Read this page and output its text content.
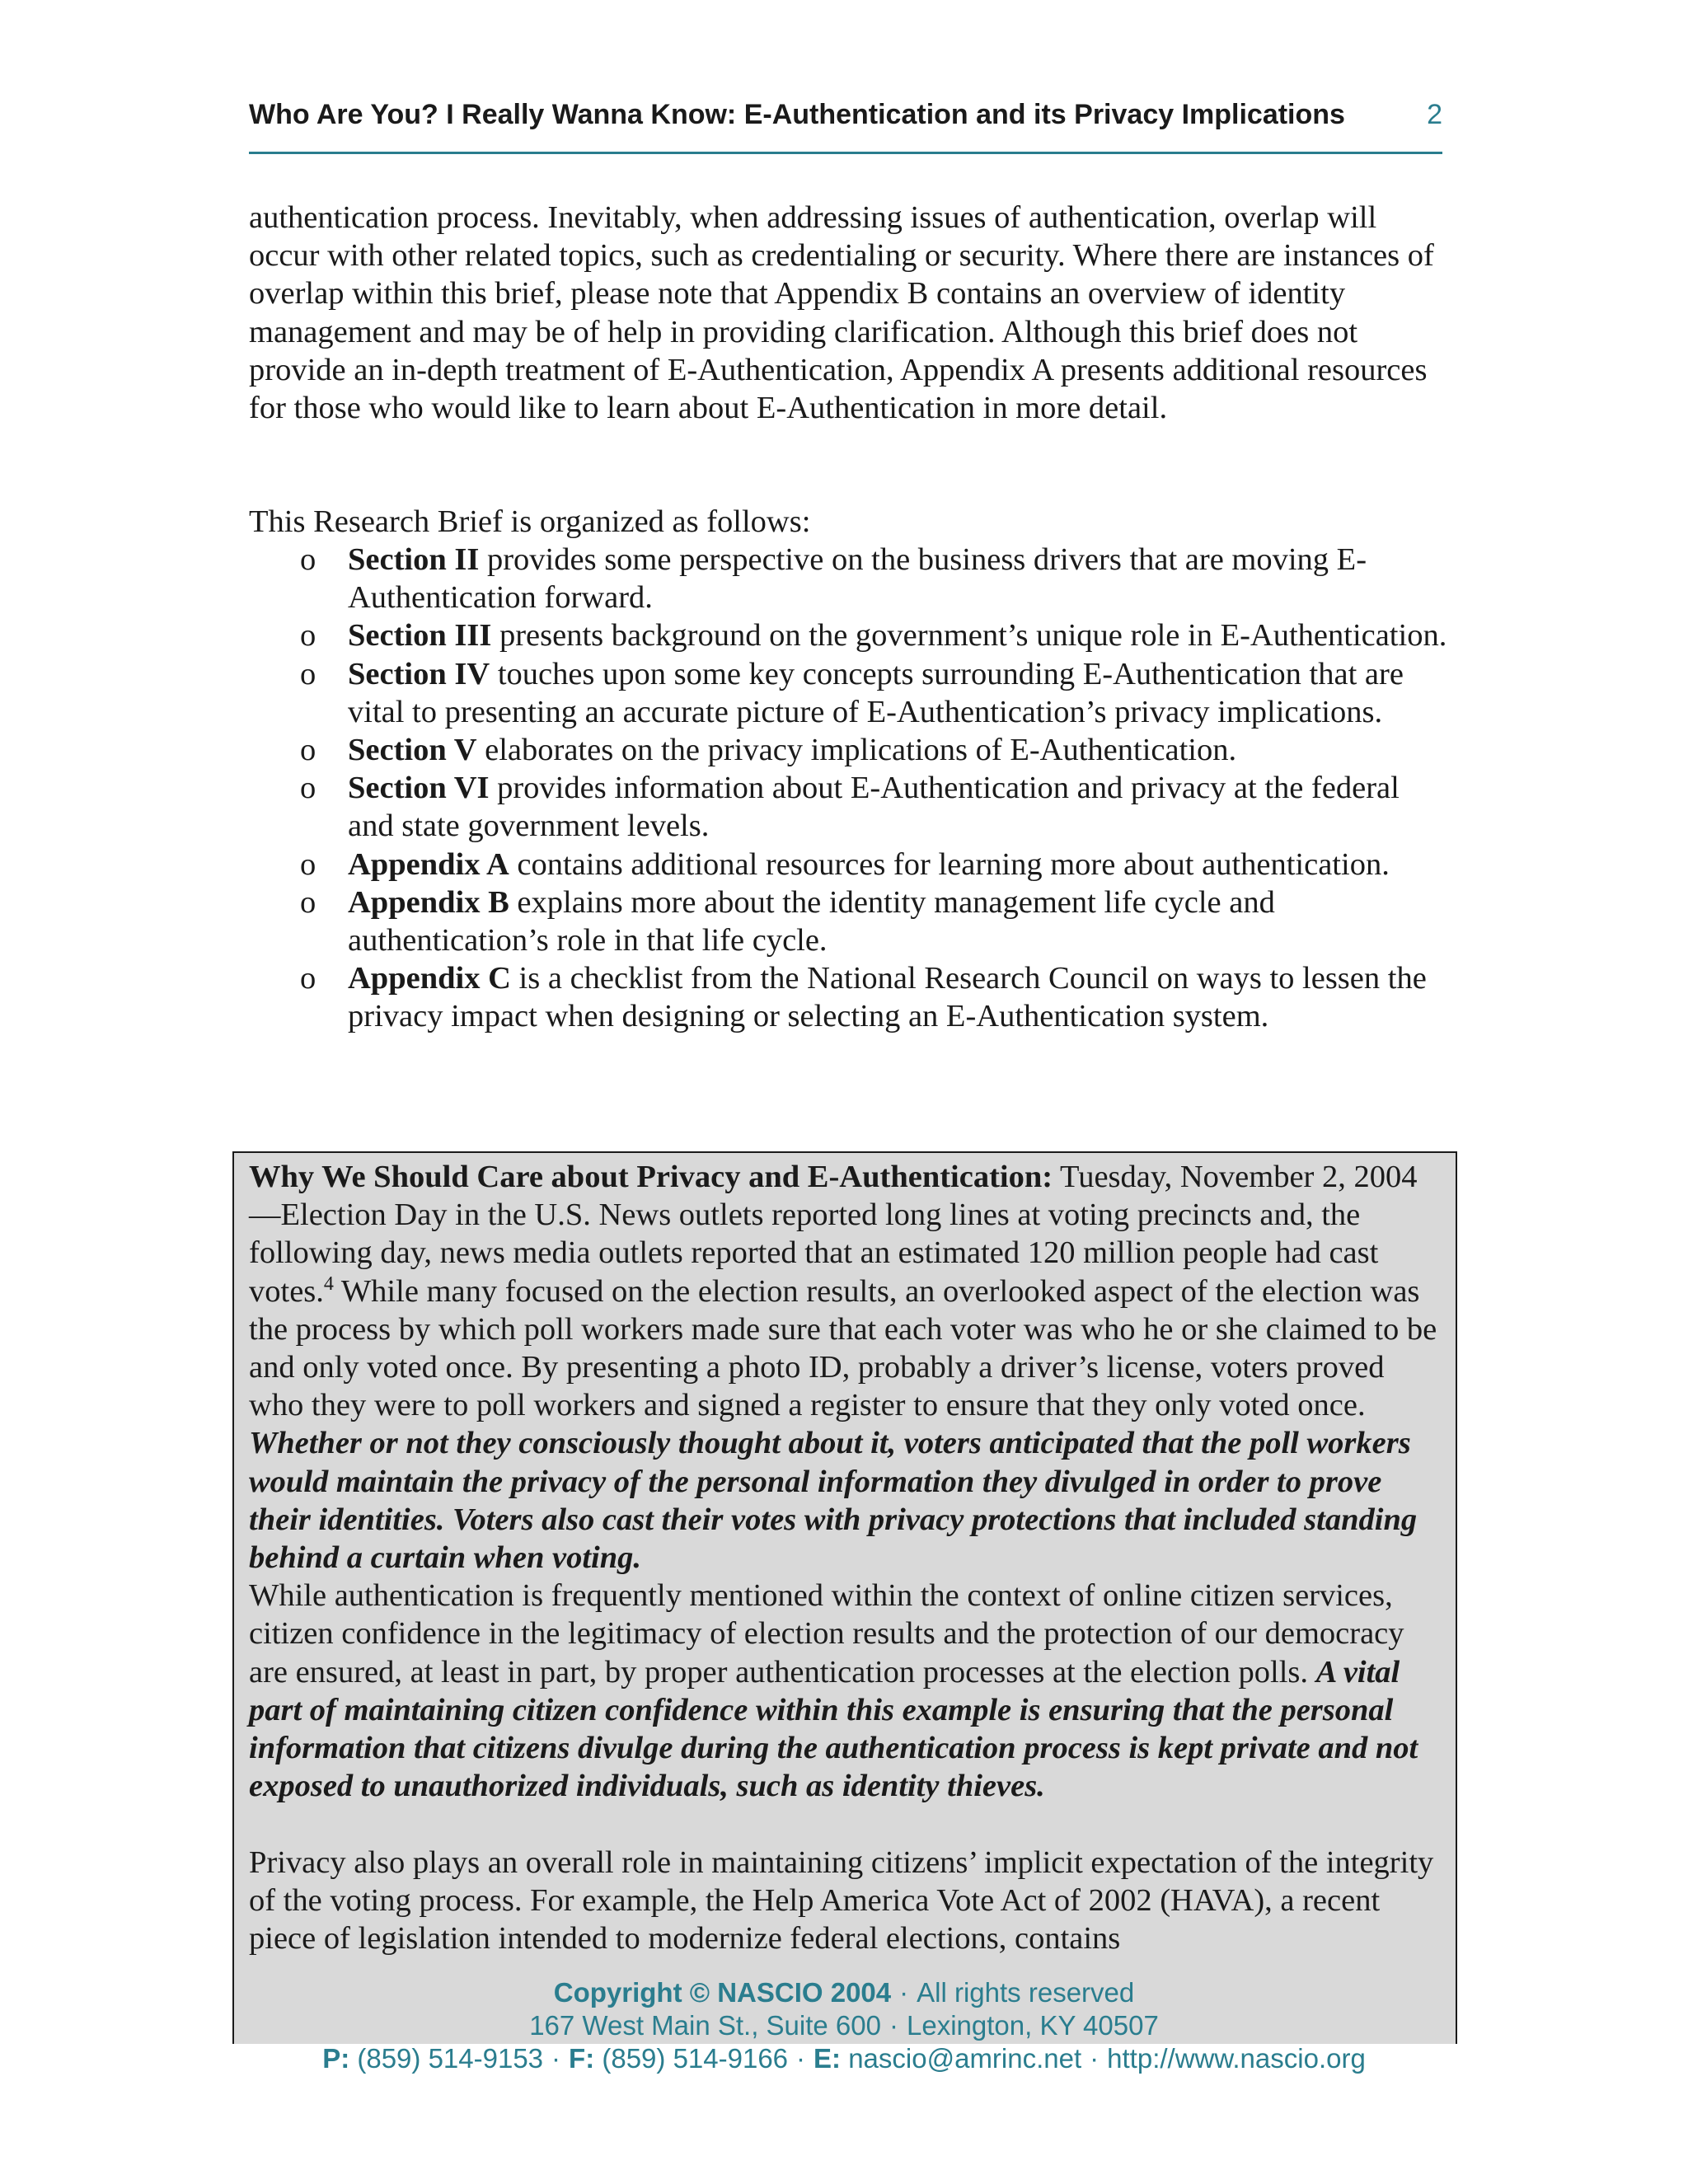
Who Are You? I Really Wanna Know: E-Authentication and its Privacy Implications	2

authentication process. Inevitably, when addressing issues of authentication, overlap will occur with other related topics, such as credentialing or security. Where there are instances of overlap within this brief, please note that Appendix B contains an overview of identity management and may be of help in providing clarification. Although this brief does not provide an in-depth treatment of E-Authentication, Appendix A presents additional resources for those who would like to learn about E-Authentication in more detail.

This Research Brief is organized as follows:

o Section II provides some perspective on the business drivers that are moving E-Authentication forward.
o Section III presents background on the government’s unique role in E-Authentication.
o Section IV touches upon some key concepts surrounding E-Authentication that are vital to presenting an accurate picture of E-Authentication’s privacy implications.
o Section V elaborates on the privacy implications of E-Authentication.
o Section VI provides information about E-Authentication and privacy at the federal and state government levels.
o Appendix A contains additional resources for learning more about authentication.
o Appendix B explains more about the identity management life cycle and authentication’s role in that life cycle.
o Appendix C is a checklist from the National Research Council on ways to lessen the privacy impact when designing or selecting an E-Authentication system.

Why We Should Care about Privacy and E-Authentication: Tuesday, November 2, 2004—Election Day in the U.S. News outlets reported long lines at voting precincts and, the following day, news media outlets reported that an estimated 120 million people had cast votes.$^4$ While many focused on the election results, an overlooked aspect of the election was the process by which poll workers made sure that each voter was who he or she claimed to be and only voted once. By presenting a photo ID, probably a driver’s license, voters proved who they were to poll workers and signed a register to ensure that they only voted once. Whether or not they consciously thought about it, voters anticipated that the poll workers would maintain the privacy of the personal information they divulged in order to prove their identities. Voters also cast their votes with privacy protections that included standing behind a curtain when voting.

While authentication is frequently mentioned within the context of online citizen services, citizen confidence in the legitimacy of election results and the protection of our democracy are ensured, at least in part, by proper authentication processes at the election polls. A vital part of maintaining citizen confidence within this example is ensuring that the personal information that citizens divulge during the authentication process is kept private and not exposed to unauthorized individuals, such as identity thieves.

Privacy also plays an overall role in maintaining citizens’ implicit expectation of the integrity of the voting process. For example, the Help America Vote Act of 2002 (HAVA), a recent piece of legislation intended to modernize federal elections, contains

Copyright © NASCIO 2004 · All rights reserved
167 West Main St., Suite 600 · Lexington, KY 40507
P: (859) 514-9153 · F: (859) 514-9166 · E: nascio@amrinc.net · http://www.nascio.org
